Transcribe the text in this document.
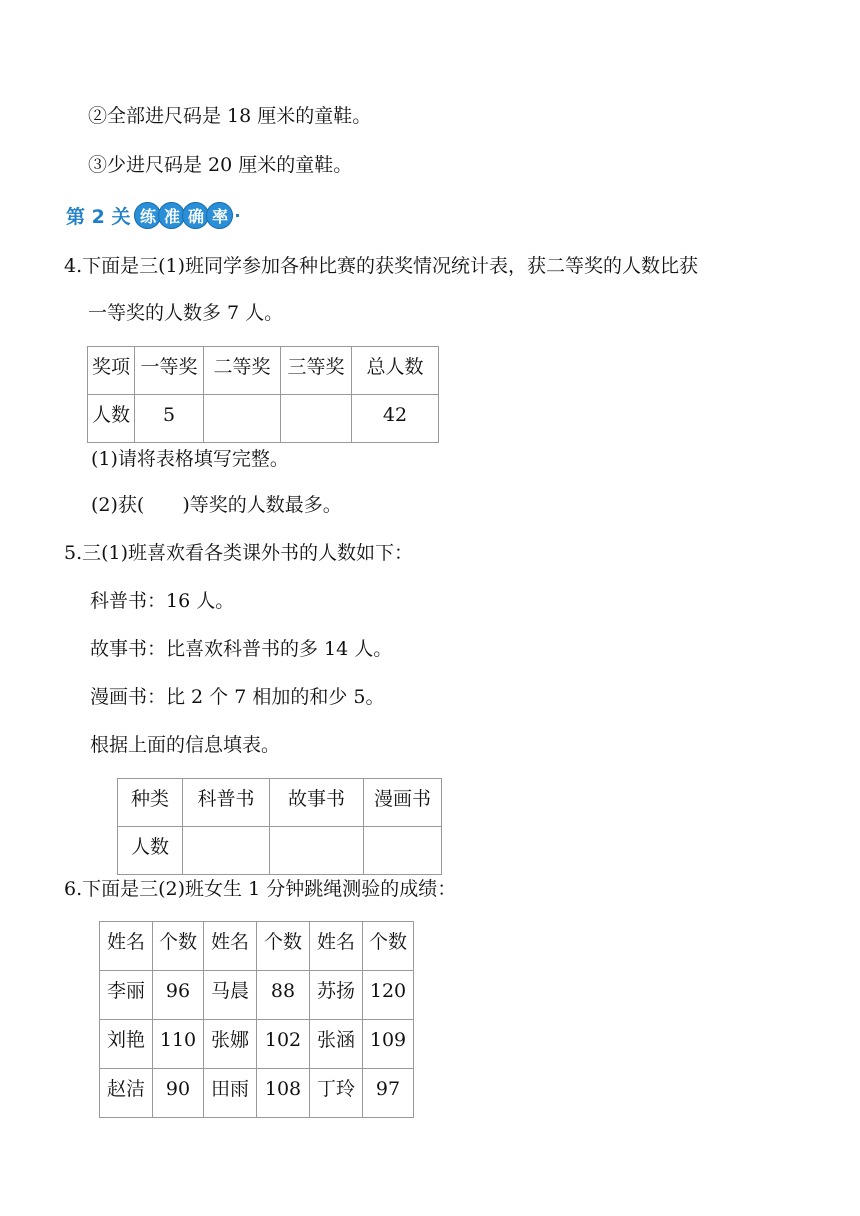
②全部进尺码是 18 厘米的童鞋。
③少进尺码是 20 厘米的童鞋。
第 2 关 练 准 确 率
4.下面是三(1)班同学参加各种比赛的获奖情况统计表，获二等奖的人数比获
一等奖的人数多 7 人。
奖项	一等奖	二等奖	三等奖	总人数

人数	5			42
(1)请将表格填写完整。
(2)获(　　)等奖的人数最多。
5.三(1)班喜欢看各类课外书的人数如下：
科普书：16 人。
故事书：比喜欢科普书的多 14 人。
漫画书：比 2 个 7 相加的和少 5。
根据上面的信息填表。
种类	科普书	故事书	漫画书

人数			

6.下面是三(2)班女生 1 分钟跳绳测验的成绩：
姓名	个数	姓名	个数	姓名	个数

李丽	96	马晨	88	苏扬	120

刘艳	110	张娜	102	张涵	109

赵洁	90	田雨	108	丁玲	97
